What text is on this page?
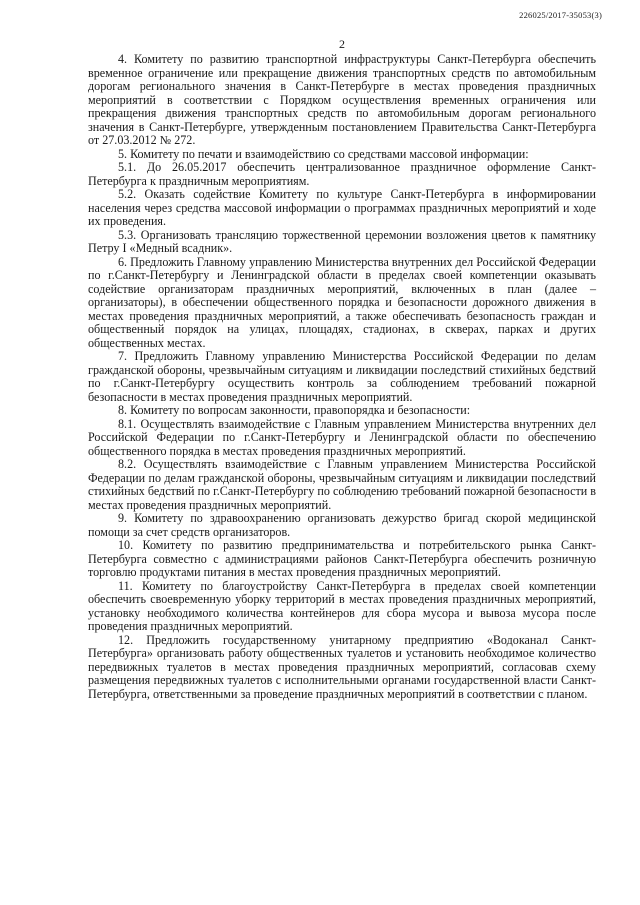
226025/2017-35053(3)
2

4. Комитету по развитию транспортной инфраструктуры Санкт-Петербурга обеспечить временное ограничение или прекращение движения транспортных средств по автомобильным дорогам регионального значения в Санкт-Петербурге в местах проведения праздничных мероприятий в соответствии с Порядком осуществления временных ограничения или прекращения движения транспортных средств по автомобильным дорогам регионального значения в Санкт-Петербурге, утвержденным постановлением Правительства Санкт-Петербурга от 27.03.2012 № 272.

5. Комитету по печати и взаимодействию со средствами массовой информации:

5.1. До 26.05.2017 обеспечить централизованное праздничное оформление Санкт-Петербурга к праздничным мероприятиям.

5.2. Оказать содействие Комитету по культуре Санкт-Петербурга в информировании населения через средства массовой информации о программах праздничных мероприятий и ходе их проведения.

5.3. Организовать трансляцию торжественной церемонии возложения цветов к памятнику Петру I «Медный всадник».

6. Предложить Главному управлению Министерства внутренних дел Российской Федерации по г.Санкт-Петербургу и Ленинградской области в пределах своей компетенции оказывать содействие организаторам праздничных мероприятий, включенных в план (далее – организаторы), в обеспечении общественного порядка и безопасности дорожного движения в местах проведения праздничных мероприятий, а также обеспечивать безопасность граждан и общественный порядок на улицах, площадях, стадионах, в скверах, парках и других общественных местах.

7. Предложить Главному управлению Министерства Российской Федерации по делам гражданской обороны, чрезвычайным ситуациям и ликвидации последствий стихийных бедствий по г.Санкт-Петербургу осуществить контроль за соблюдением требований пожарной безопасности в местах проведения праздничных мероприятий.

8. Комитету по вопросам законности, правопорядка и безопасности:

8.1. Осуществлять взаимодействие с Главным управлением Министерства внутренних дел Российской Федерации по г.Санкт-Петербургу и Ленинградской области по обеспечению общественного порядка в местах проведения праздничных мероприятий.

8.2. Осуществлять взаимодействие с Главным управлением Министерства Российской Федерации по делам гражданской обороны, чрезвычайным ситуациям и ликвидации последствий стихийных бедствий по г.Санкт-Петербургу по соблюдению требований пожарной безопасности в местах проведения праздничных мероприятий.

9. Комитету по здравоохранению организовать дежурство бригад скорой медицинской помощи за счет средств организаторов.

10. Комитету по развитию предпринимательства и потребительского рынка Санкт-Петербурга совместно с администрациями районов Санкт-Петербурга обеспечить розничную торговлю продуктами питания в местах проведения праздничных мероприятий.

11. Комитету по благоустройству Санкт-Петербурга в пределах своей компетенции обеспечить своевременную уборку территорий в местах проведения праздничных мероприятий, установку необходимого количества контейнеров для сбора мусора и вывоза мусора после проведения праздничных мероприятий.

12. Предложить государственному унитарному предприятию «Водоканал Санкт-Петербурга» организовать работу общественных туалетов и установить необходимое количество передвижных туалетов в местах проведения праздничных мероприятий, согласовав схему размещения передвижных туалетов с исполнительными органами государственной власти Санкт-Петербурга, ответственными за проведение праздничных мероприятий в соответствии с планом.
